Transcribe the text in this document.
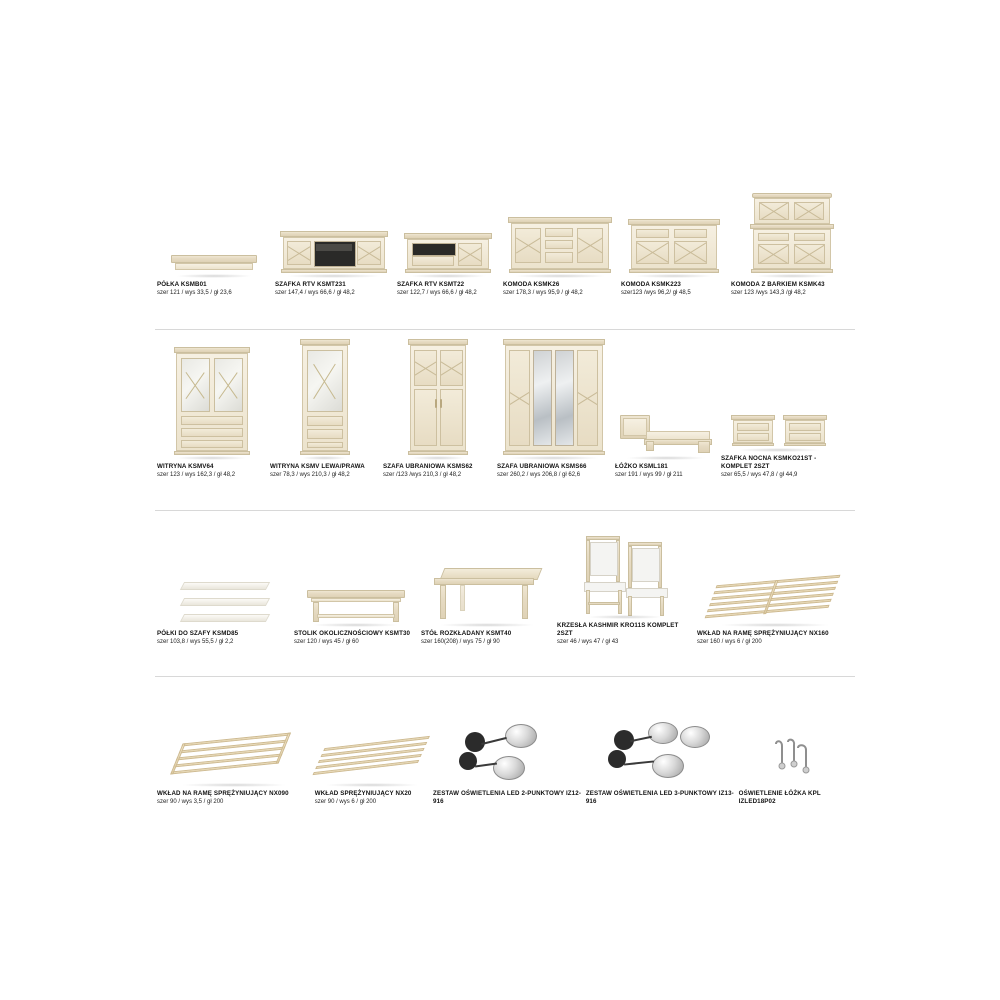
PÓŁKA KSMB01
szer 121 / wys 33,5 / gł 23,6
SZAFKA RTV KSMT231
szer 147,4 / wys 66,6 / gł 48,2
SZAFKA RTV KSMT22
szer 122,7 / wys 66,6 / gł 48,2
KOMODA KSMK26
szer 178,3 / wys 95,9 / gł 48,2
KOMODA KSMK223
szer123 /wys 96,2/ gł 48,5
KOMODA Z BARKIEM KSMK43
szer 123 /wys 143,3 /gł 48,2
WITRYNA KSMV64
szer 123 / wys 162,3 / gł 48,2
WITRYNA KSMV LEWA/PRAWA
szer 78,3 / wys 210,3 / gł 48,2
SZAFA UBRANIOWA KSMS62
szer /123 /wys 210,3 / gł 48,2
SZAFA UBRANIOWA KSMS66
szer 260,2 / wys 206,8 / gł 62,6
ŁÓŻKO KSML181
szer 191 / wys 99 / gł 211
SZAFKA NOCNA KSMKO21ST - KOMPLET 2SZT
szer 65,5 / wys 47,8 / gł 44,9
PÓŁKI DO SZAFY KSMD85
szer 103,8 / wys 55,5 / gł 2,2
STOLIK OKOLICZNOŚCIOWY KSMT30
szer 120 / wys 45 / gł 60
STÓŁ ROZKŁADANY KSMT40
szer 160(208) / wys 75 / gł 90
KRZESŁA KASHMIR KRO11S KOMPLET 2SZT
szer 46 / wys 47 / gł 43
WKŁAD NA RAMĘ SPRĘŻYNIUJĄCY NX160
szer 160 / wys 6 / gł 200
WKŁAD NA RAMĘ SPRĘŻYNIUJĄCY NX090
szer 90 / wys 3,5 / gł 200
WKŁAD SPRĘŻYNIUJĄCY NX20
szer 90 / wys 6 / gł 200
ZESTAW OŚWIETLENIA LED 2-PUNKTOWY IZ12-916
ZESTAW OŚWIETLENIA LED 3-PUNKTOWY IZ13-916
OŚWIETLENIE ŁÓŻKA KPL IZLED18P02
